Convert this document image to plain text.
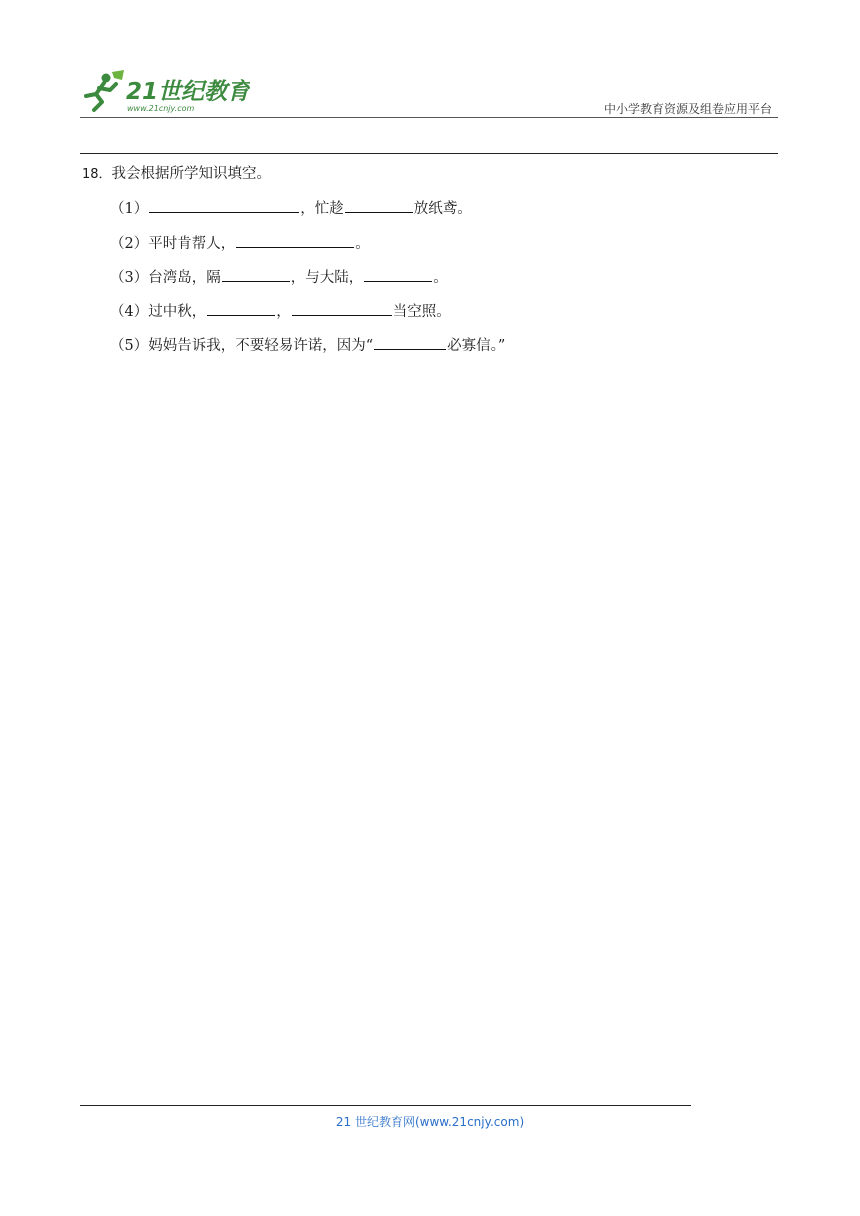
21世纪教育
www.21cnjy.com	中小学教育资源及组卷应用平台
18．我会根据所学知识填空。
（1）	，忙趁	放纸鸢。
（2）平时肯帮人，	。
（3）台湾岛，隔	，与大陆，	。
（4）过中秋，	，	当空照。
（5）妈妈告诉我，不要轻易许诺，因为“	必寡信。”
21 世纪教育网(www.21cnjy.com)
